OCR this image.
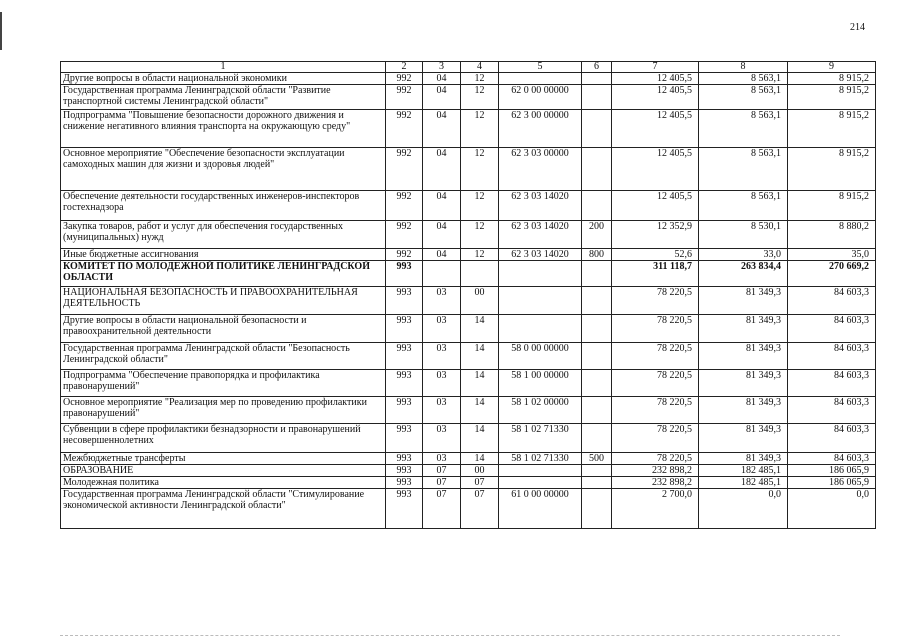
214
1	2	3	4	5	6	7	8	9
Другие вопросы в области национальной экономики	992	04	12			12 405,5	8 563,1	8 915,2
Государственная программа Ленинградской области "Развитие транспортной системы Ленинградской области"	992	04	12	62 0 00 00000		12 405,5	8 563,1	8 915,2
Подпрограмма "Повышение безопасности дорожного движения и снижение негативного влияния транспорта на окружающую среду"	992	04	12	62 3 00 00000		12 405,5	8 563,1	8 915,2
Основное мероприятие "Обеспечение безопасности эксплуатации самоходных машин для жизни и здоровья людей"	992	04	12	62 3 03 00000		12 405,5	8 563,1	8 915,2
Обеспечение деятельности государственных инженеров-инспекторов гостехнадзора	992	04	12	62 3 03 14020		12 405,5	8 563,1	8 915,2
Закупка товаров, работ и услуг для обеспечения государственных (муниципальных) нужд	992	04	12	62 3 03 14020	200	12 352,9	8 530,1	8 880,2
Иные бюджетные ассигнования	992	04	12	62 3 03 14020	800	52,6	33,0	35,0
КОМИТЕТ ПО МОЛОДЕЖНОЙ ПОЛИТИКЕ ЛЕНИНГРАДСКОЙ ОБЛАСТИ	993					311 118,7	263 834,4	270 669,2
НАЦИОНАЛЬНАЯ БЕЗОПАСНОСТЬ И ПРАВООХРАНИТЕЛЬНАЯ ДЕЯТЕЛЬНОСТЬ	993	03	00			78 220,5	81 349,3	84 603,3
Другие вопросы в области национальной безопасности и правоохранительной деятельности	993	03	14			78 220,5	81 349,3	84 603,3
Государственная программа Ленинградской области "Безопасность Ленинградской области"	993	03	14	58 0 00 00000		78 220,5	81 349,3	84 603,3
Подпрограмма "Обеспечение правопорядка и профилактика правонарушений"	993	03	14	58 1 00 00000		78 220,5	81 349,3	84 603,3
Основное мероприятие "Реализация мер по проведению профилактики правонарушений"	993	03	14	58 1 02 00000		78 220,5	81 349,3	84 603,3
Субвенции в сфере профилактики безнадзорности и правонарушений несовершеннолетних	993	03	14	58 1 02 71330		78 220,5	81 349,3	84 603,3
Межбюджетные трансферты	993	03	14	58 1 02 71330	500	78 220,5	81 349,3	84 603,3
ОБРАЗОВАНИЕ	993	07	00			232 898,2	182 485,1	186 065,9
Молодежная политика	993	07	07			232 898,2	182 485,1	186 065,9
Государственная программа Ленинградской области "Стимулирование экономической активности Ленинградской области"	993	07	07	61 0 00 00000		2 700,0	0,0	0,0
